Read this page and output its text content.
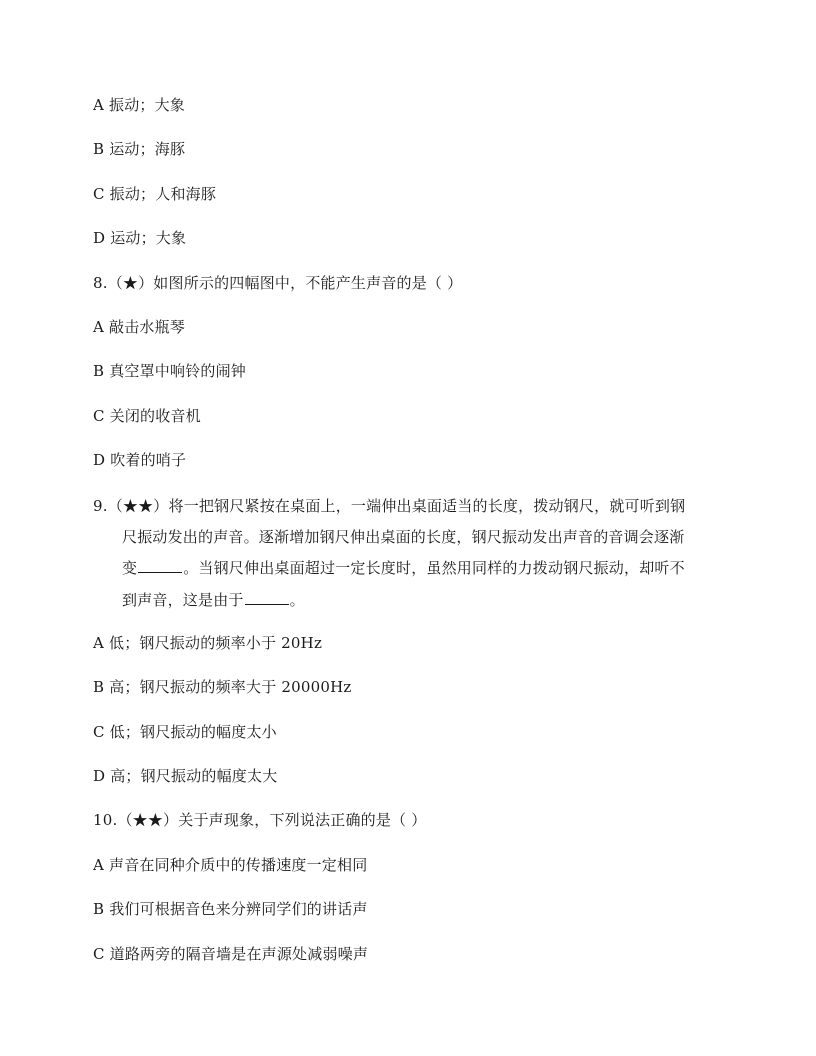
A 振动；大象
B 运动；海豚
C 振动；人和海豚
D 运动；大象
8.（★）如图所示的四幅图中，不能产生声音的是（ ）
A 敲击水瓶琴
B 真空罩中响铃的闹钟
C 关闭的收音机
D 吹着的哨子
9.（★★）将一把钢尺紧按在桌面上，一端伸出桌面适当的长度，拨动钢尺，就可听到钢
尺振动发出的声音。逐渐增加钢尺伸出桌面的长度，钢尺振动发出声音的音调会逐渐
变	。当钢尺伸出桌面超过一定长度时，虽然用同样的力拨动钢尺振动，却听不
到声音，这是由于	。
A 低；钢尺振动的频率小于 20Hz
B 高；钢尺振动的频率大于 20000Hz
C 低；钢尺振动的幅度太小
D 高；钢尺振动的幅度太大
10.（★★）关于声现象，下列说法正确的是（ ）
A 声音在同种介质中的传播速度一定相同
B 我们可根据音色来分辨同学们的讲话声
C 道路两旁的隔音墙是在声源处减弱噪声
